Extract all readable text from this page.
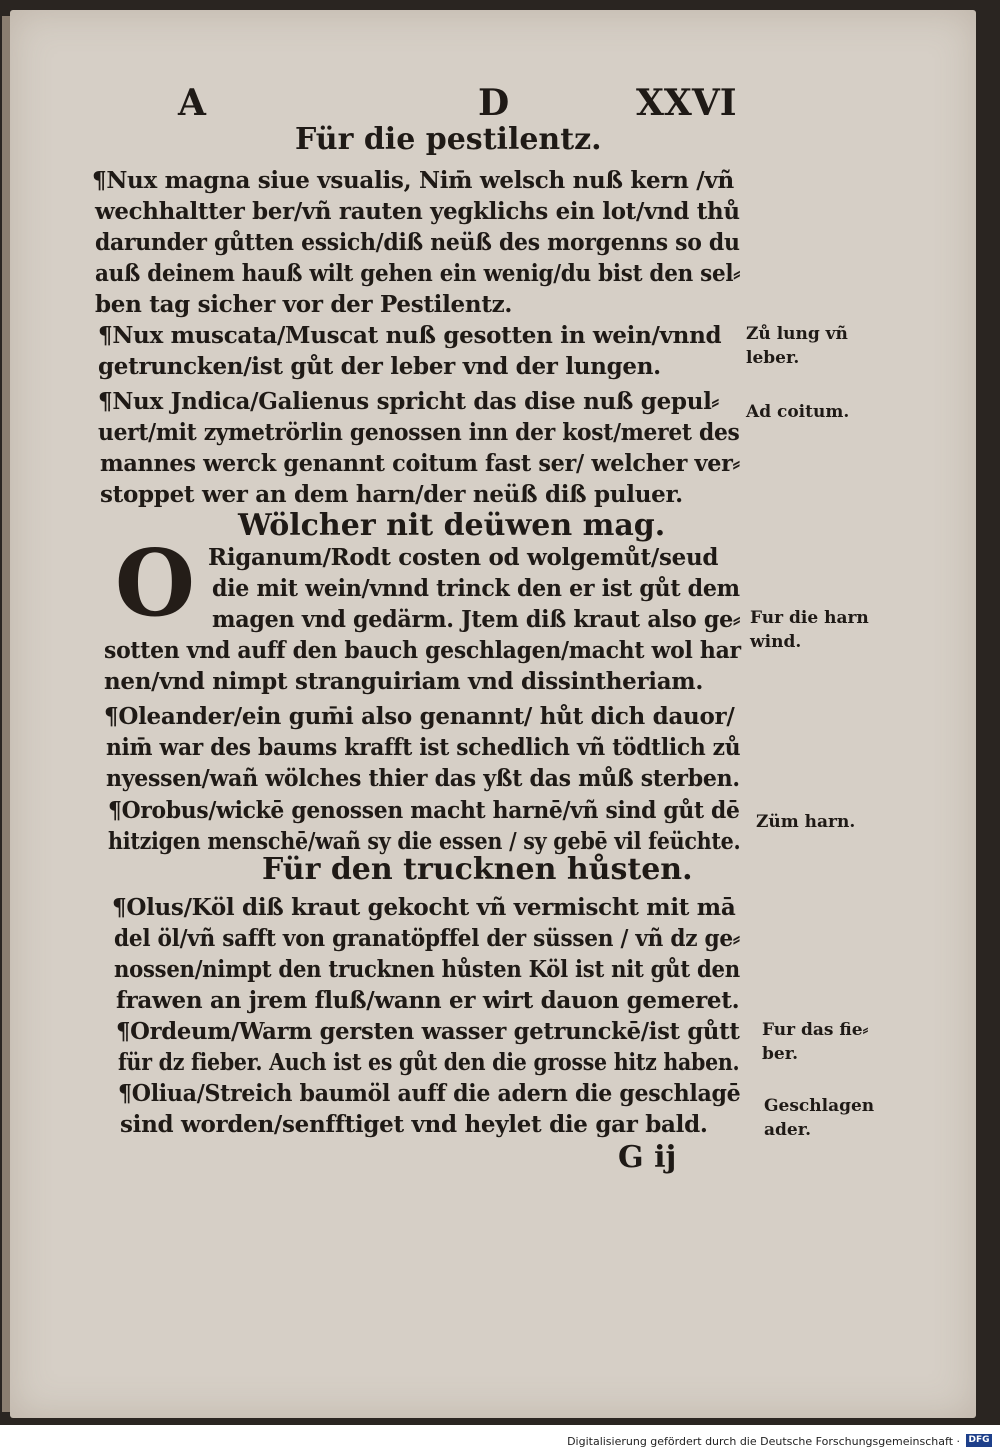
A	D	XXVI
Für die pestilentz.
¶Nux magna siue vsualis, Nim̄ welsch nuß kern /vñ
wechhaltter ber/vñ rauten yegklichs ein lot/vnd thů
darunder gůtten essich/diß neüß des morgenns so du
auß deinem hauß wilt gehen ein wenig/du bist den sel⸗
ben tag sicher vor der Pestilentz.
¶Nux muscata/Muscat nuß gesotten in wein/vnnd
getruncken/ist gůt der leber vnd der lungen.
¶Nux Jndica/Galienus spricht das dise nuß gepul⸗
uert/mit zymetrörlin genossen inn der kost/meret des
mannes werck genannt coitum fast ser/ welcher ver⸗
stoppet wer an dem harn/der neüß diß puluer.
Wölcher nit deüwen mag.
O Riganum/Rodt costen od wolgemůt/seud
die mit wein/vnnd trinck den er ist gůt dem
magen vnd gedärm. Jtem diß kraut also ge⸗
sotten vnd auff den bauch geschlagen/macht wol har
nen/vnd nimpt stranguiriam vnd dissintheriam.
¶Oleander/ein gum̄i also genannt/ hůt dich dauor/
nim̄ war des baums krafft ist schedlich vñ tödtlich zů
nyessen/wañ wölches thier das yßt das můß sterben.
¶Orobus/wickē genossen macht harnē/vñ sind gůt dē
hitzigen menschē/wañ sy die essen / sy gebē vil feüchte.
Für den trucknen hůsten.
¶Olus/Köl diß kraut gekocht vñ vermischt mit mā
del öl/vñ safft von granatöpffel der süssen / vñ dz ge⸗
nossen/nimpt den trucknen hůsten Köl ist nit gůt den
frawen an jrem fluß/wann er wirt dauon gemeret.
¶Ordeum/Warm gersten wasser getrunckē/ist gůtt
für dz fieber. Auch ist es gůt den die grosse hitz haben.
¶Oliua/Streich baumöl auff die adern die geschlagē
sind worden/senfftiget vnd heylet die gar bald.
G ij
Zů lung vñ
leber.
Ad coitum.
Fur die harn
wind.
Züm harn.
Fur das fie⸗
ber.
Geschlagen
ader.
Digitalisierung gefördert durch die Deutsche Forschungsgemeinschaft · DFG
